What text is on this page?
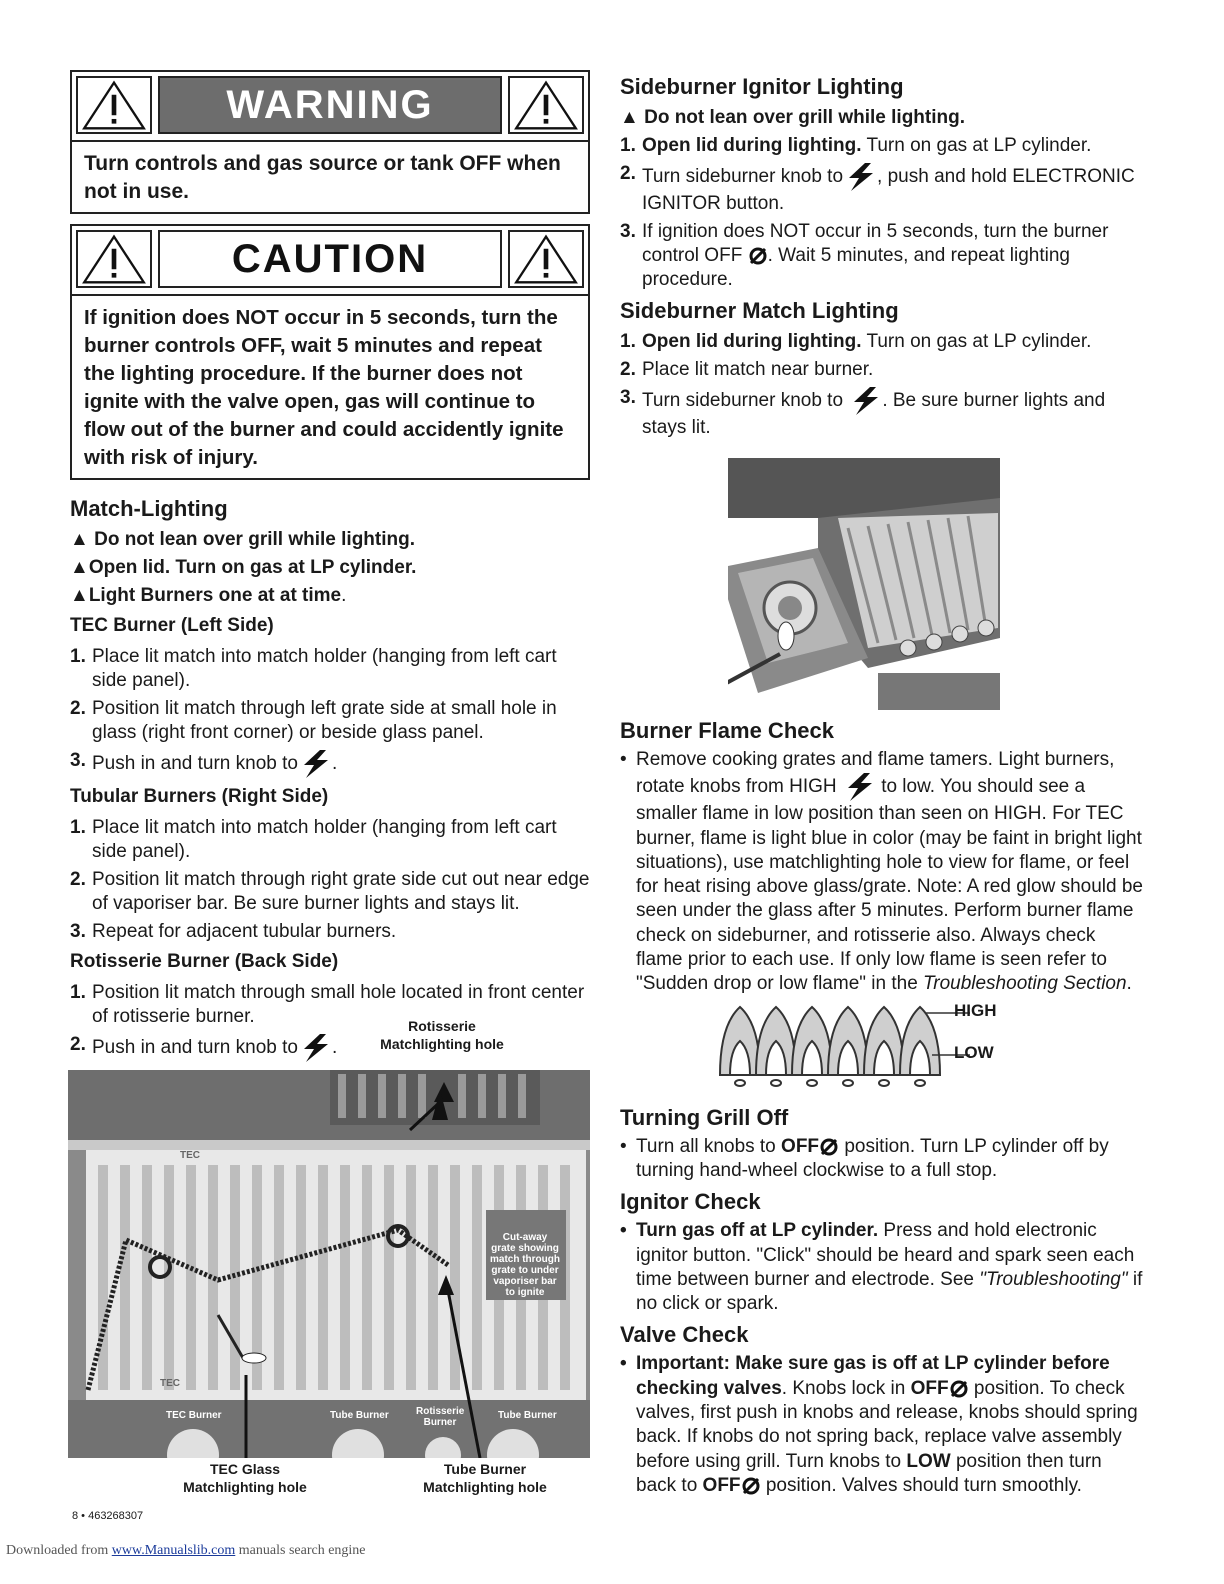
WARNING
Turn controls and gas source or tank OFF when not in use.
CAUTION
If ignition does NOT occur in 5 seconds, turn the burner controls OFF, wait 5 minutes and repeat the lighting procedure. If the burner does not ignite with the valve open, gas will continue to flow out of the burner and could accidently ignite with risk of injury.
Match-Lighting

▲ Do not lean over grill while lighting.

▲Open lid. Turn on gas at LP cylinder.

▲Light Burners one at at time.

TEC Burner (Left Side)
1. Place lit match into match holder (hanging from left cart side panel).
2. Position lit match through left grate side at small hole in glass (right front corner) or beside glass panel.
3. Push in and turn knob to .
Tubular Burners (Right Side)
1. Place lit match into match holder (hanging from left cart side panel).
2. Position lit match through right grate side cut out near edge of vaporiser bar. Be sure burner lights and stays lit.
3. Repeat for adjacent tubular burners.
Rotisserie Burner (Back Side)
1. Position lit match through small hole located in front center of rotisserie burner.
2. Push in and turn knob to .
Rotisserie Matchlighting hole
Cut-away grate showing match through grate to under vaporiser bar to ignite
TEC
TEC
TEC Burner	Tube Burner	Rotisserie Burner
Tube Burner
TEC Glass Matchlighting hole
Tube Burner Matchlighting hole
Sideburner Ignitor Lighting

▲ Do not lean over grill while lighting.

1. Open lid during lighting. Turn on gas at LP cylinder.
2. Turn sideburner knob to , push and hold ELECTRONIC IGNITOR button.
3. If ignition does NOT occur in 5 seconds, turn the burner control OFF . Wait 5 minutes, and repeat lighting procedure.
Sideburner Match Lighting
1. Open lid during lighting. Turn on gas at LP cylinder.
2. Place lit match near burner.
3. Turn sideburner knob to . Be sure burner lights and stays lit.
Burner Flame Check
• Remove cooking grates and flame tamers. Light burners, rotate knobs from HIGH to low. You should see a smaller flame in low position than seen on HIGH. For TEC burner, flame is light blue in color (may be faint in bright light situations), use matchlighting hole to view for flame, or feel for heat rising above glass/grate. Note: A red glow should be seen under the glass after 5 minutes. Perform burner flame check on sideburner, and rotisserie also. Always check flame prior to each use. If only low flame is seen refer to "Sudden drop or low flame" in the Troubleshooting Section.
HIGH
LOW
Turning Grill Off
• Turn all knobs to OFF position. Turn LP cylinder off by turning hand-wheel clockwise to a full stop.
Ignitor Check
• Turn gas off at LP cylinder. Press and hold electronic ignitor button. "Click" should be heard and spark seen each time between burner and electrode. See "Troubleshooting" if no click or spark.
Valve Check
• Important: Make sure gas is off at LP cylinder before checking valves. Knobs lock in OFF position. To check valves, first push in knobs and release, knobs should spring back. If knobs do not spring back, replace valve assembly before using grill. Turn knobs to LOW position then turn back to OFF position. Valves should turn smoothly.
8 • 463268307
Downloaded from www.Manualslib.com manuals search engine
